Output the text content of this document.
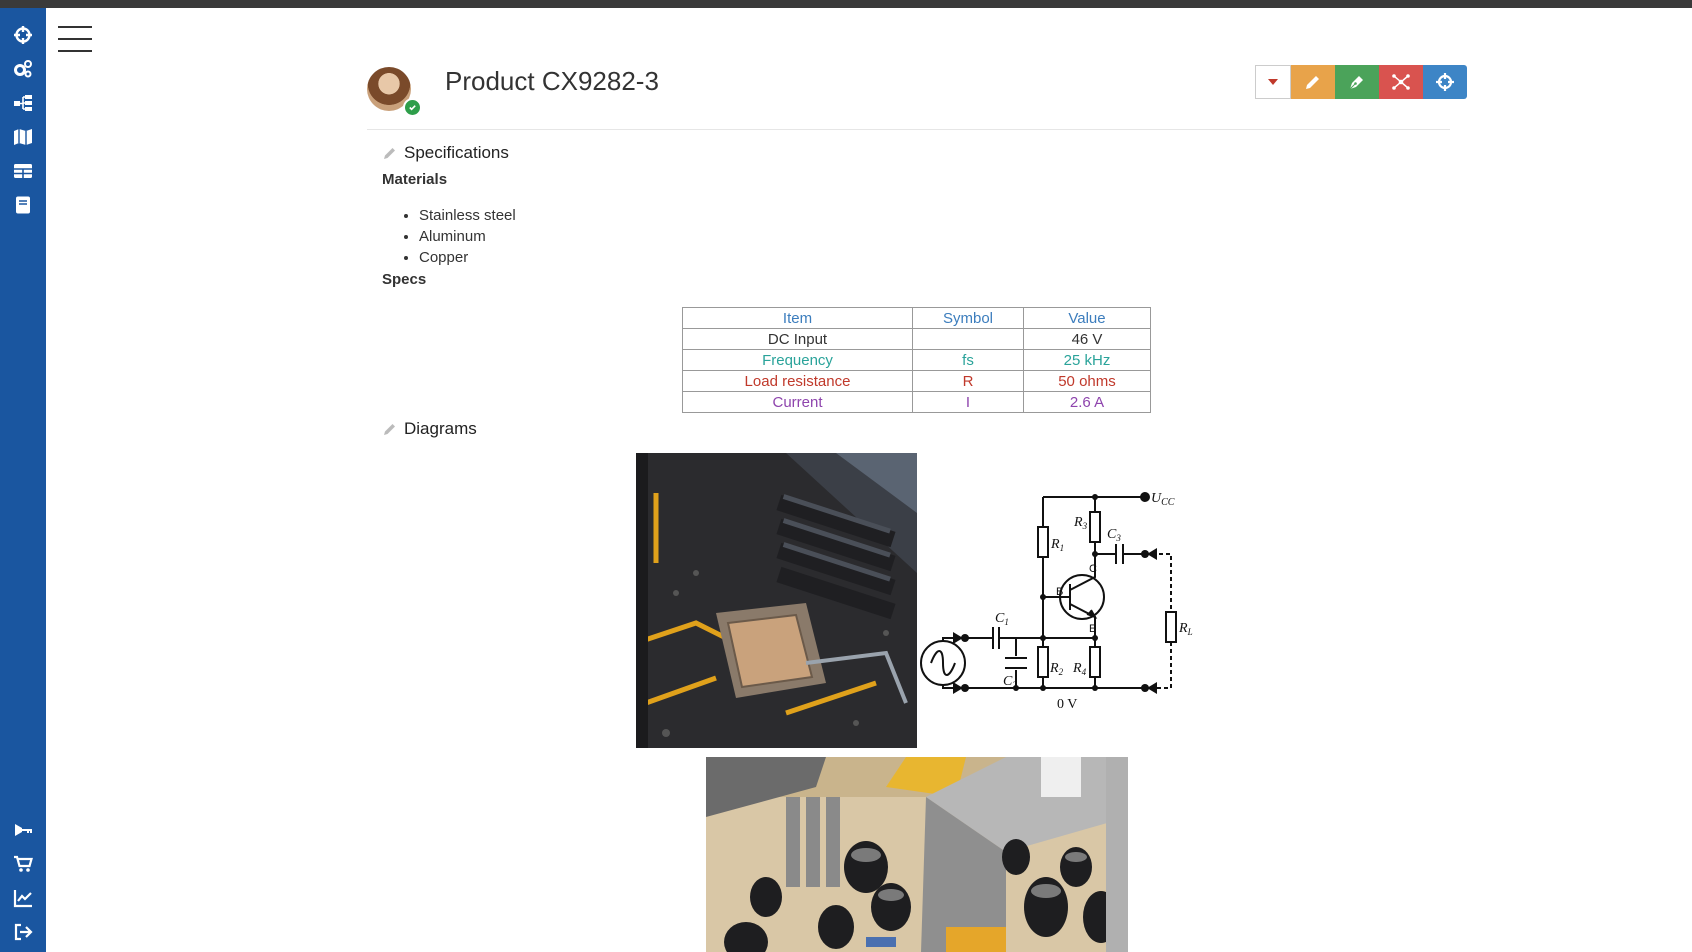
Product CX9282-3
Specifications
Materials
• Stainless steel
• Aluminum
• Copper
Specs
Item	Symbol	Value
DC Input		46 V
Frequency	fs	25 kHz
Load resistance	R	50 ohms
Current	I	2.6 A
Diagrams
$U_{CC}$
$R_1$
$R_3$
$C_3$
$C_1$
$C_2$
$R_2$ $R_4$
$R_L$
B
C
E
0 V
